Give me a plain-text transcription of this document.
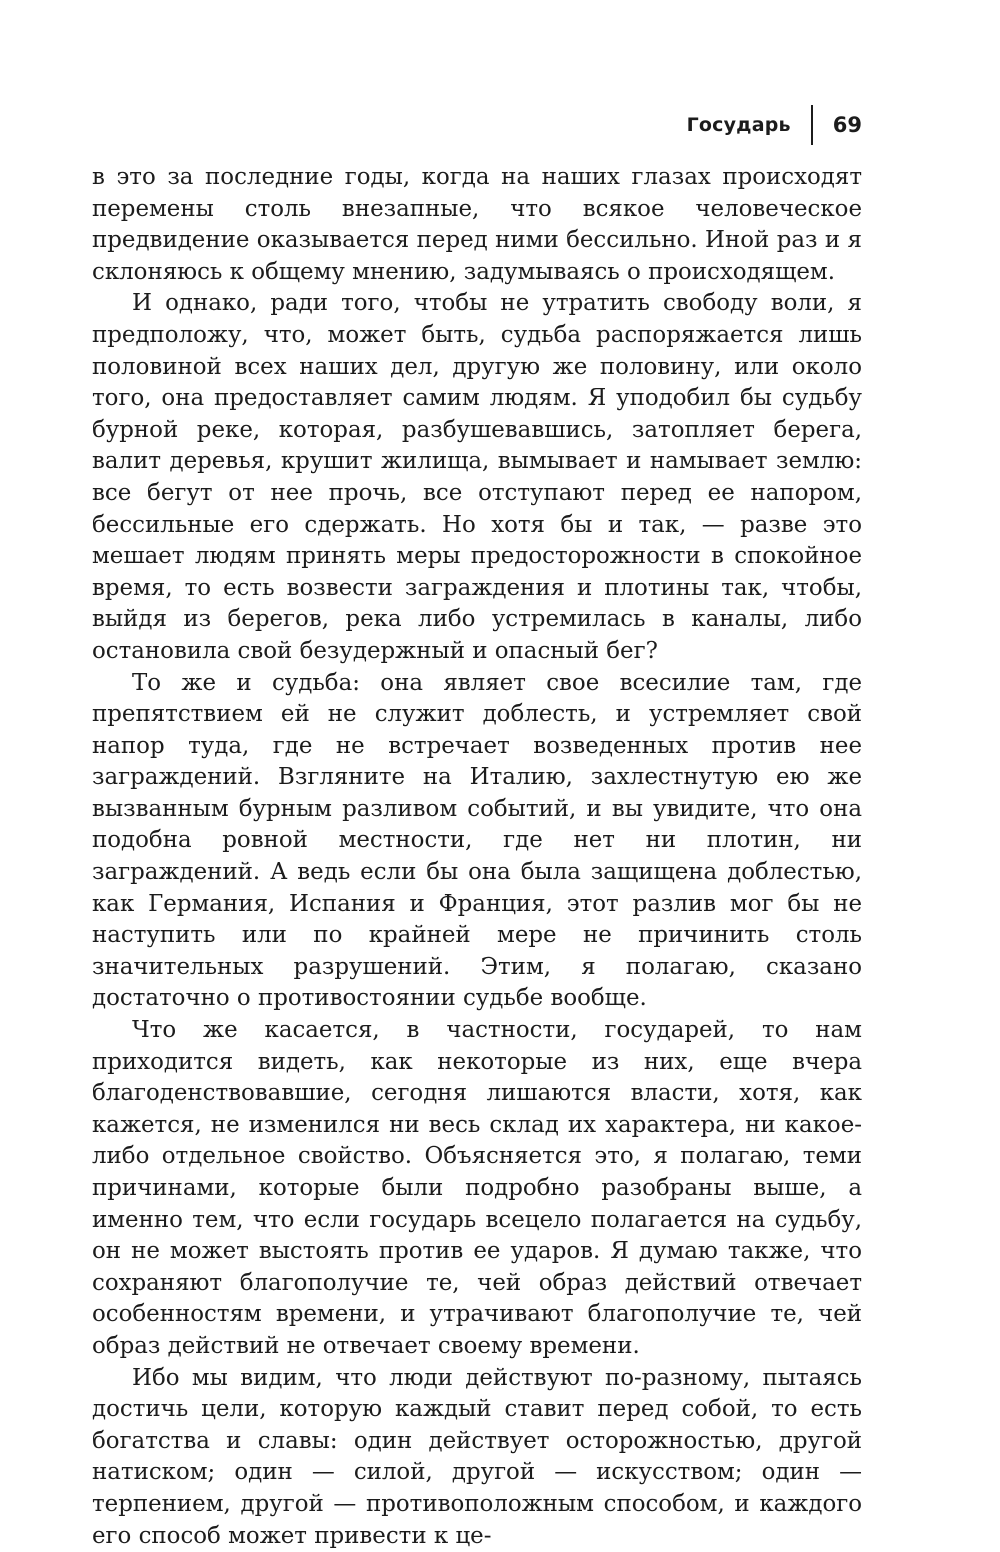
Государь 69

в это за последние годы, когда на наших глазах происходят перемены столь внезапные, что всякое человеческое предвидение оказывается перед ними бессильно. Иной раз и я склоняюсь к общему мнению, задумываясь о происходящем.

И однако, ради того, чтобы не утратить свободу воли, я предположу, что, может быть, судьба распоряжается лишь половиной всех наших дел, другую же половину, или около того, она предоставляет самим людям. Я уподобил бы судьбу бурной реке, которая, разбушевавшись, затопляет берега, валит деревья, крушит жилища, вымывает и намывает землю: все бегут от нее прочь, все отступают перед ее напором, бессильные его сдержать. Но хотя бы и так, — разве это мешает людям принять меры предосторожности в спокойное время, то есть возвести заграждения и плотины так, чтобы, выйдя из берегов, река либо устремилась в каналы, либо остановила свой безудержный и опасный бег?

То же и судьба: она являет свое всесилие там, где препятствием ей не служит доблесть, и устремляет свой напор туда, где не встречает возведенных против нее заграждений. Взгляните на Италию, захлестнутую ею же вызванным бурным разливом событий, и вы увидите, что она подобна ровной местности, где нет ни плотин, ни заграждений. А ведь если бы она была защищена доблестью, как Германия, Испания и Франция, этот разлив мог бы не наступить или по крайней мере не причинить столь значительных разрушений. Этим, я полагаю, сказано достаточно о противостоянии судьбе вообще.

Что же касается, в частности, государей, то нам приходится видеть, как некоторые из них, еще вчера благоденствовавшие, сегодня лишаются власти, хотя, как кажется, не изменился ни весь склад их характера, ни какое-либо отдельное свойство. Объясняется это, я полагаю, теми причинами, которые были подробно разобраны выше, а именно тем, что если государь всецело полагается на судьбу, он не может выстоять против ее ударов. Я думаю также, что сохраняют благополучие те, чей образ действий отвечает особенностям времени, и утрачивают благополучие те, чей образ действий не отвечает своему времени.

Ибо мы видим, что люди действуют по-разному, пытаясь достичь цели, которую каждый ставит перед собой, то есть богатства и славы: один действует осторожностью, другой натиском; один — силой, другой — искусством; один — терпением, другой — противоположным способом, и каждого его способ может привести к це-
